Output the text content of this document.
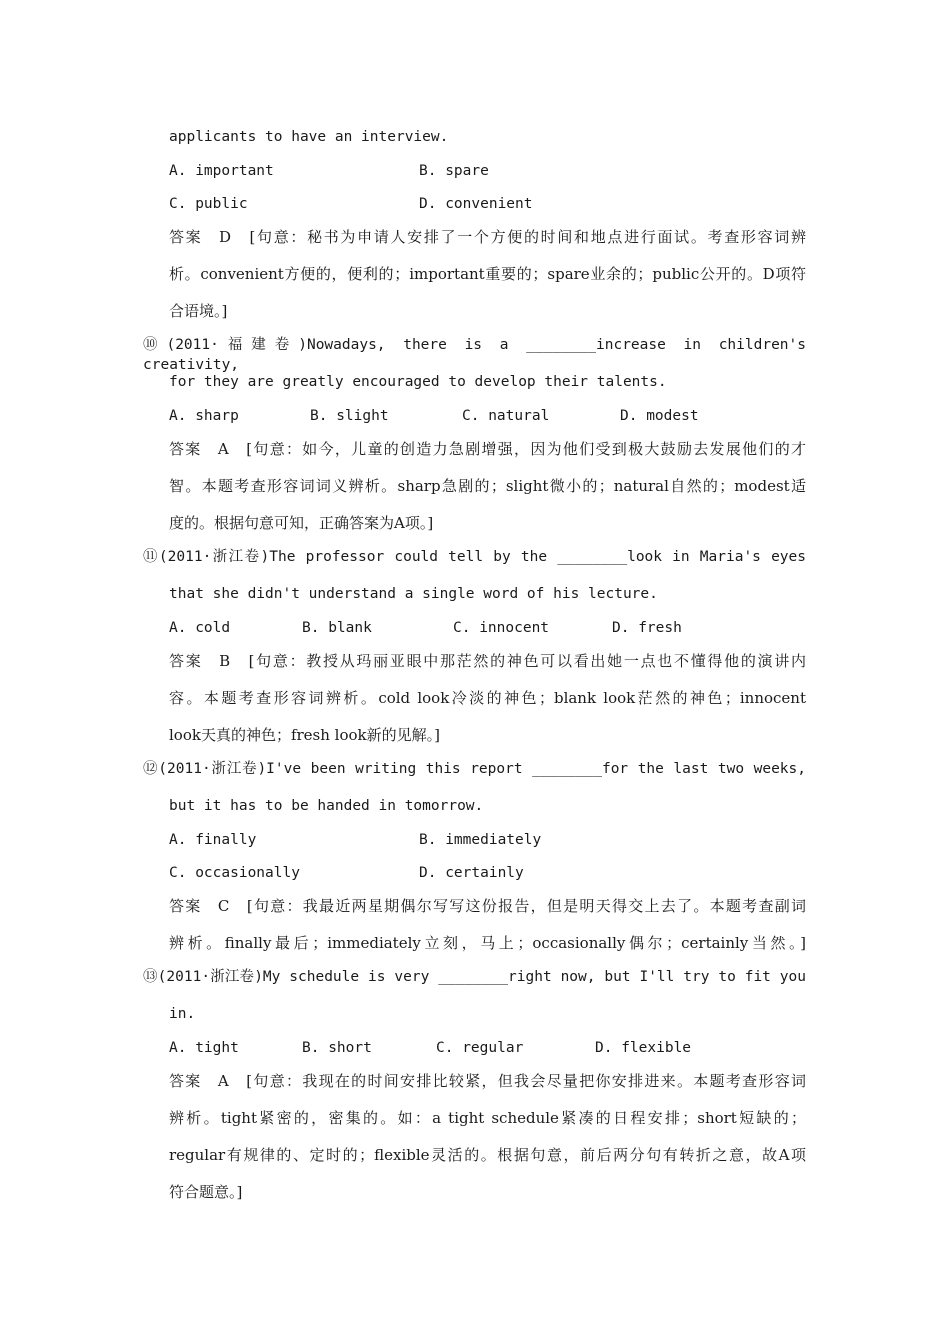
applicants to have an interview.
A. important	B. spare
C. public	D. convenient
答案　D　[句意：秘书为申请人安排了一个方便的时间和地点进行面试。考查形容词辨
析。convenient方便的，便利的；important重要的；spare业余的；public公开的。D项符
合语境。]
⑩(2011·福建卷)Nowadays, there is a ________increase in children's creativity,
for they are greatly encouraged to develop their talents.
A. sharp	B. slight	C. natural	D. modest
答案　A　[句意：如今，儿童的创造力急剧增强，因为他们受到极大鼓励去发展他们的才
智。本题考查形容词词义辨析。sharp急剧的；slight微小的；natural自然的；modest适
度的。根据句意可知，正确答案为A项。]
⑪(2011·浙江卷)The professor could tell by the ________look in Maria's eyes
that she didn't understand a single word of his lecture.
A. cold	B. blank	C. innocent	D. fresh
答案　B　[句意：教授从玛丽亚眼中那茫然的神色可以看出她一点也不懂得他的演讲内
容。本题考查形容词辨析。cold look冷淡的神色；blank look茫然的神色；innocent
look天真的神色；fresh look新的见解。]
⑫(2011·浙江卷)I've been writing this report ________for the last two weeks,
but it has to be handed in tomorrow.
A. finally	B. immediately
C. occasionally	D. certainly
答案　C　[句意：我最近两星期偶尔写写这份报告，但是明天得交上去了。本题考查副词
辨析。finally最后；immediately立刻，马上；occasionally偶尔；certainly当然。]
⑬(2011·浙江卷)My schedule is very ________right now, but I'll try to fit you
in.
A. tight	B. short	C. regular	D. flexible
答案　A　[句意：我现在的时间安排比较紧，但我会尽量把你安排进来。本题考查形容词
辨析。tight紧密的，密集的。如：a tight schedule紧凑的日程安排；short短缺的；
regular有规律的、定时的；flexible灵活的。根据句意，前后两分句有转折之意，故A项
符合题意。]
